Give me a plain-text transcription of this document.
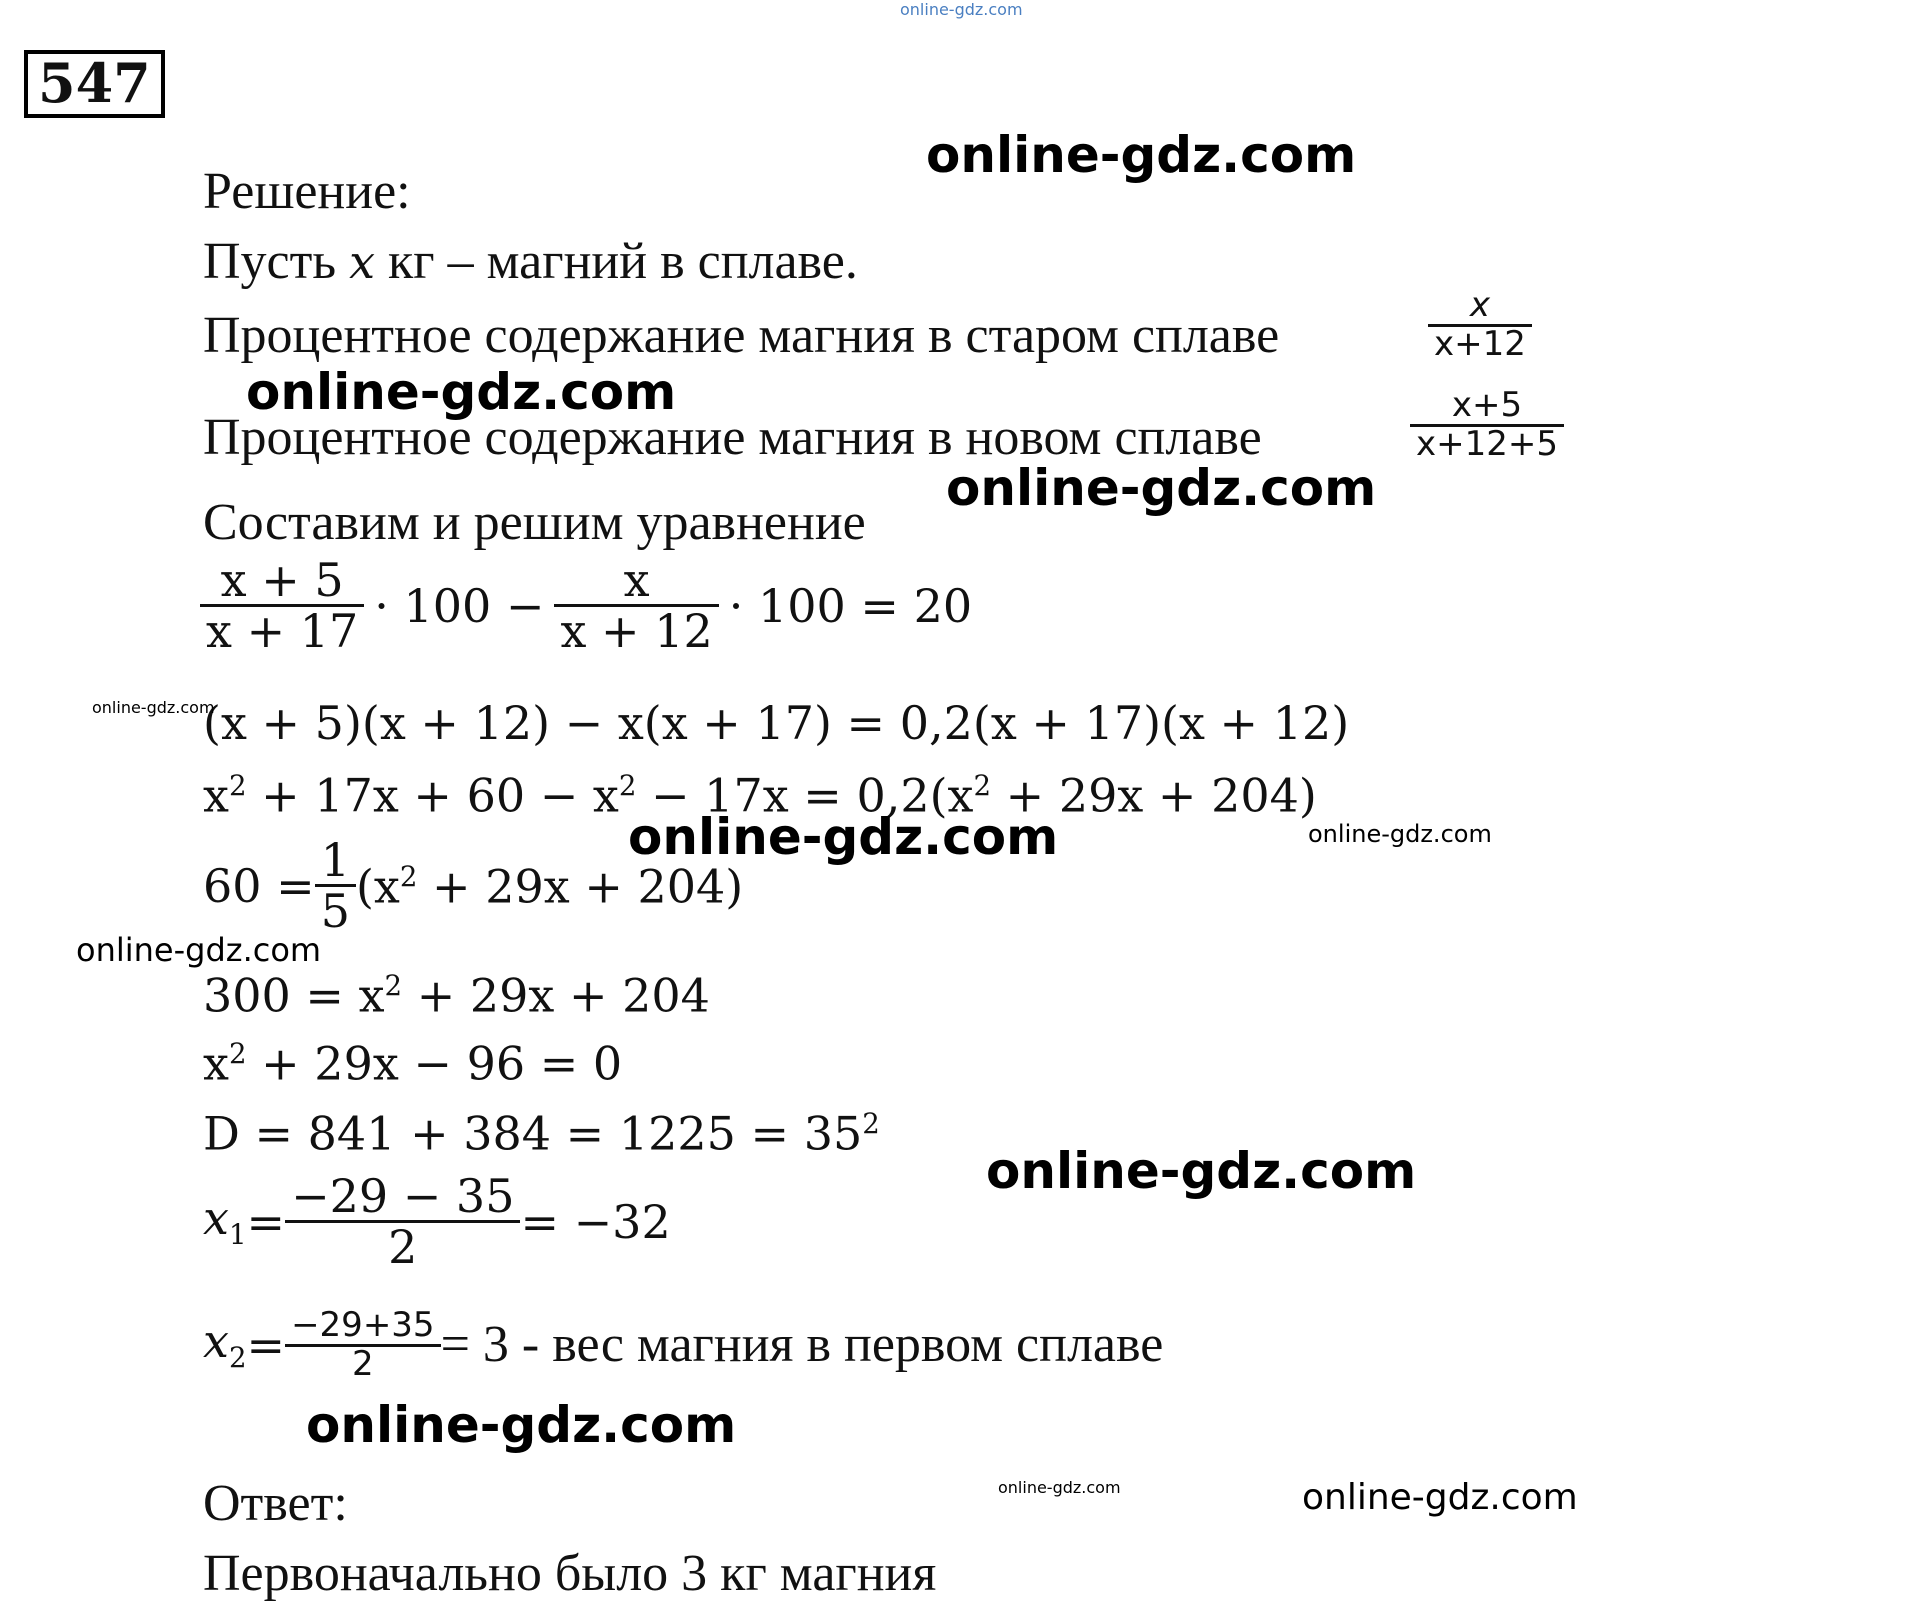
online-gdz.com
547
Решение:
Пусть x кг – магний в сплаве.
Процентное содержание магния в старом сплаве	$\frac{x}{x+12}$
Процентное содержание магния в новом сплаве	$\frac{x+5}{x+12+5}$
Составим и решим уравнение
$\frac{x + 5}{x + 17} \cdot 100 - \frac{x}{x + 12} \cdot 100 = 20$
(x + 5)(x + 12) − x(x + 17) = 0,2(x + 17)(x + 12)
$x^2 + 17x + 60 - x^2 - 17x = 0,2(x^2 + 29x + 204)$
$60 = \frac{1}{5} (x^2 + 29x + 204)$
$300 = x^2 + 29x + 204$
$x^2 + 29x - 96 = 0$
$D = 841 + 384 = 1225 = 35^2$
$x_1 = \frac{-29 - 35}{2} = -32$
$x_2 = \frac{-29+35}{2} = 3$ - вес магния в первом сплаве
Ответ:
Первоначально было 3 кг магния
online-gdz.com
online-gdz.com
online-gdz.com
online-gdz.com
online-gdz.com	online-gdz.com
online-gdz.com
online-gdz.com
online-gdz.com
online-gdz.com	online-gdz.com
